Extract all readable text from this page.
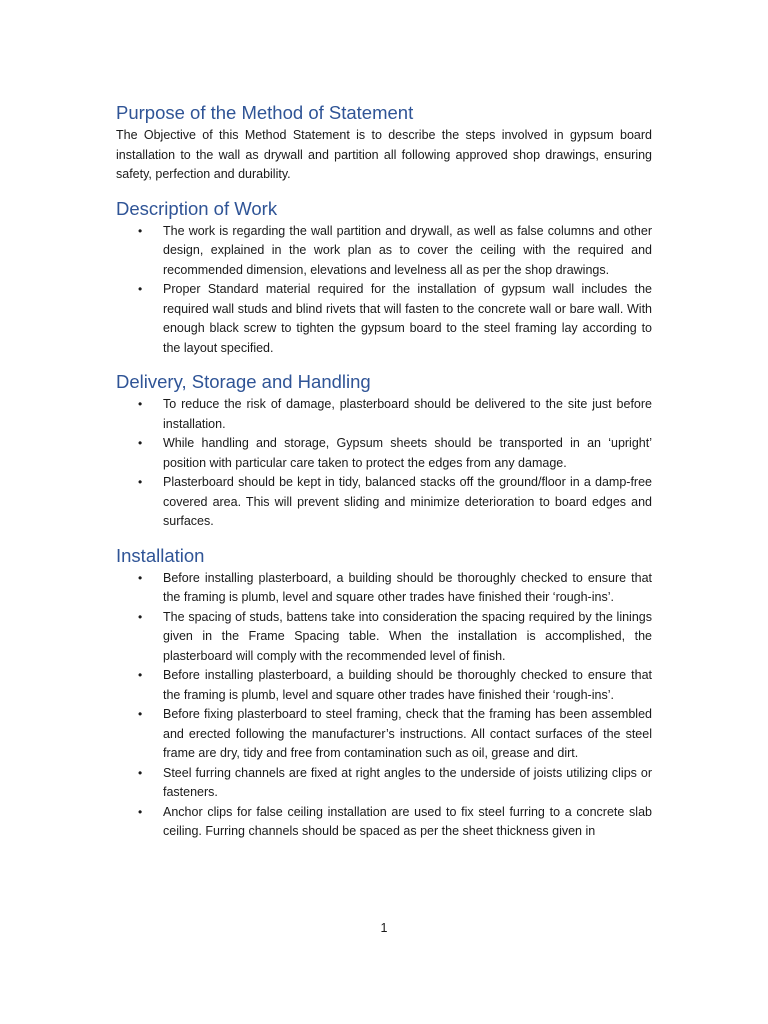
Purpose of the Method of Statement

The Objective of this Method Statement is to describe the steps involved in gypsum board installation to the wall as drywall and partition all following approved shop drawings, ensuring safety, perfection and durability.

Description of Work
• The work is regarding the wall partition and drywall, as well as false columns and other design, explained in the work plan as to cover the ceiling with the required and recommended dimension, elevations and levelness all as per the shop drawings.
• Proper Standard material required for the installation of gypsum wall includes the required wall studs and blind rivets that will fasten to the concrete wall or bare wall. With enough black screw to tighten the gypsum board to the steel framing lay according to the layout specified.
Delivery, Storage and Handling
• To reduce the risk of damage, plasterboard should be delivered to the site just before installation.
• While handling and storage, Gypsum sheets should be transported in an ‘upright’ position with particular care taken to protect the edges from any damage.
• Plasterboard should be kept in tidy, balanced stacks off the ground/floor in a damp-free covered area. This will prevent sliding and minimize deterioration to board edges and surfaces.
Installation
• Before installing plasterboard, a building should be thoroughly checked to ensure that the framing is plumb, level and square other trades have finished their ‘rough-ins’.
• The spacing of studs, battens take into consideration the spacing required by the linings given in the Frame Spacing table. When the installation is accomplished, the plasterboard will comply with the recommended level of finish.
• Before installing plasterboard, a building should be thoroughly checked to ensure that the framing is plumb, level and square other trades have finished their ‘rough-ins’.
• Before fixing plasterboard to steel framing, check that the framing has been assembled and erected following the manufacturer’s instructions. All contact surfaces of the steel frame are dry, tidy and free from contamination such as oil, grease and dirt.
• Steel furring channels are fixed at right angles to the underside of joists utilizing clips or fasteners.
• Anchor clips for false ceiling installation are used to fix steel furring to a concrete slab ceiling. Furring channels should be spaced as per the sheet thickness given in
1
